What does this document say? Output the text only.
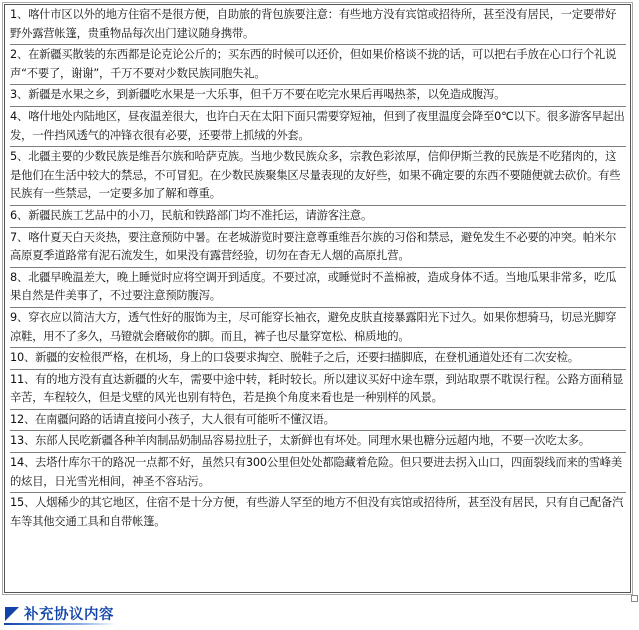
1、喀什市区以外的地方住宿不是很方便，自助旅的背包族要注意：有些地方没有宾馆或招待所，甚至没有居民，一定要带好野外露营帐篷，贵重物品每次出门建议随身携带。
2、在新疆买散装的东西都是论克论公斤的；买东西的时候可以还价，但如果价格谈不拢的话，可以把右手放在心口行个礼说声“不要了，谢谢”，千万不要对少数民族同胞失礼。
3、新疆是水果之乡，到新疆吃水果是一大乐事，但千万不要在吃完水果后再喝热茶，以免造成腹泻。
4、喀什地处内陆地区，昼夜温差很大，也许白天在太阳下面只需要穿短袖，但到了夜里温度会降至0℃以下。很多游客早起出发，一件挡风透气的冲锋衣很有必要，还要带上抓绒的外套。
5、北疆主要的少数民族是维吾尔族和哈萨克族。当地少数民族众多，宗教色彩浓厚，信仰伊斯兰教的民族是不吃猪肉的，这是他们在生活中较大的禁忌，不可冒犯。在少数民族聚集区尽量表现的友好些，如果不确定要的东西不要随便就去砍价。有些民族有一些禁忌，一定要多加了解和尊重。
6、新疆民族工艺品中的小刀，民航和铁路部门均不准托运，请游客注意。
7、喀什夏天白天炎热，要注意预防中暑。在老城游览时要注意尊重维吾尔族的习俗和禁忌，避免发生不必要的冲突。帕米尔高原夏季道路常有泥石流发生，如果没有露营经验，切勿在杳无人烟的高原扎营。
8、北疆早晚温差大，晚上睡觉时应将空调开到适度。不要过凉，或睡觉时不盖棉被，造成身体不适。当地瓜果非常多，吃瓜果自然是件美事了，不过要注意预防腹泻。
9、穿衣应以简洁大方，透气性好的服饰为主，尽可能穿长袖衣，避免皮肤直接暴露阳光下过久。如果你想骑马，切忌光脚穿凉鞋，用不了多久，马镫就会磨破你的脚。而且，裤子也尽量穿宽松、棉质地的。
10、新疆的安检很严格，在机场，身上的口袋要求掏空、脱鞋子之后，还要扫描脚底，在登机通道处还有二次安检。
11、有的地方没有直达新疆的火车，需要中途中转，耗时较长。所以建议买好中途车票，到站取票不耽误行程。公路方面稍显辛苦，车程较久，但是戈壁的风光也别有特色，若是换个角度来看也是一种别样的风景。
12、在南疆问路的话请直接问小孩子，大人很有可能听不懂汉语。
13、东部人民吃新疆各种羊肉制品奶制品容易拉肚子，太新鲜也有坏处。同理水果也糖分远超内地，不要一次吃太多。
14、去塔什库尔干的路况一点都不好，虽然只有300公里但处处都隐藏着危险。但只要进去拐入山口，四面裂线而来的雪峰美的炫目，日光雪光相间，神圣不容玷污。
15、人烟稀少的其它地区，住宿不是十分方便，有些游人罕至的地方不但没有宾馆或招待所，甚至没有居民，只有自己配备汽车等其他交通工具和自带帐篷。
补充协议内容
